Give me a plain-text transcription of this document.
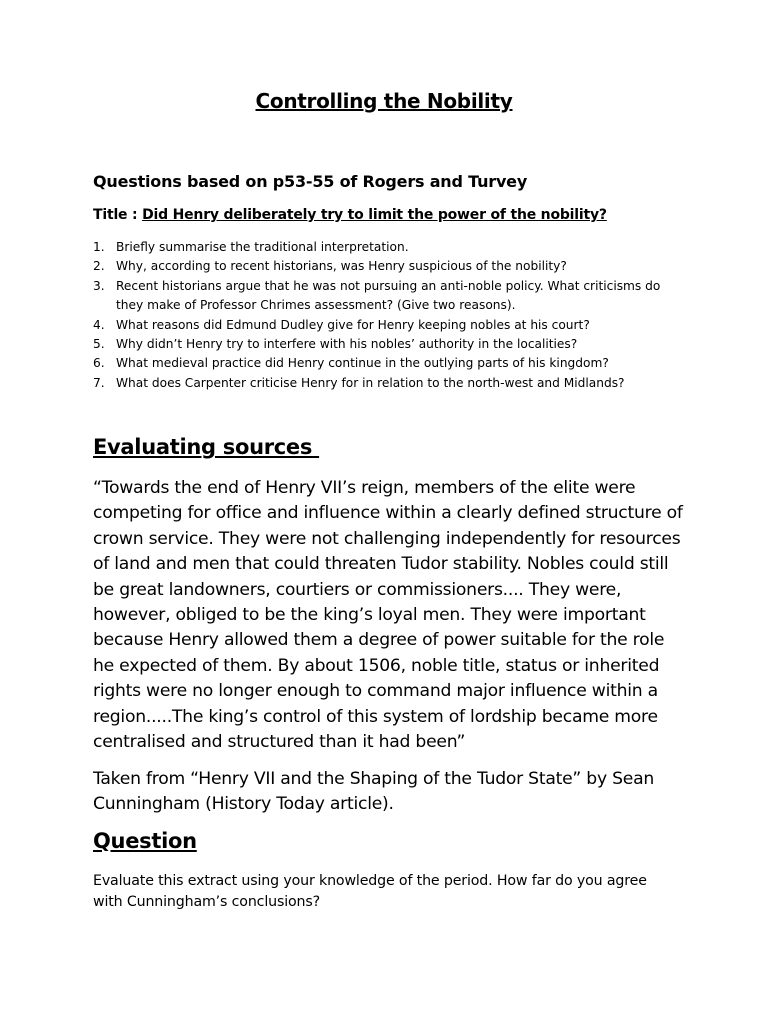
Controlling the Nobility
Questions based on p53-55 of Rogers and Turvey

Title : Did Henry deliberately try to limit the power of the nobility?

1. Briefly summarise the traditional interpretation.
2. Why, according to recent historians, was Henry suspicious of the nobility?
3. Recent historians argue that he was not pursuing an anti-noble policy. What criticisms do they make of Professor Chrimes assessment? (Give two reasons).
4. What reasons did Edmund Dudley give for Henry keeping nobles at his court?
5. Why didn’t Henry try to interfere with his nobles’ authority in the localities?
6. What medieval practice did Henry continue in the outlying parts of his kingdom?
7. What does Carpenter criticise Henry for in relation to the north-west and Midlands?
Evaluating sources

“Towards the end of Henry VII’s reign, members of the elite were competing for office and influence within a clearly defined structure of crown service. They were not challenging independently for resources of land and men that could threaten Tudor stability. Nobles could still be great landowners, courtiers or commissioners.... They were, however, obliged to be the king’s loyal men. They were important because Henry allowed them a degree of power suitable for the role he expected of them. By about 1506, noble title, status or inherited rights were no longer enough to command major influence within a region.....The king’s control of this system of lordship became more centralised and structured than it had been”

Taken from “Henry VII and the Shaping of the Tudor State” by Sean Cunningham (History Today article).

Question

Evaluate this extract using your knowledge of the period. How far do you agree with Cunningham’s conclusions?
